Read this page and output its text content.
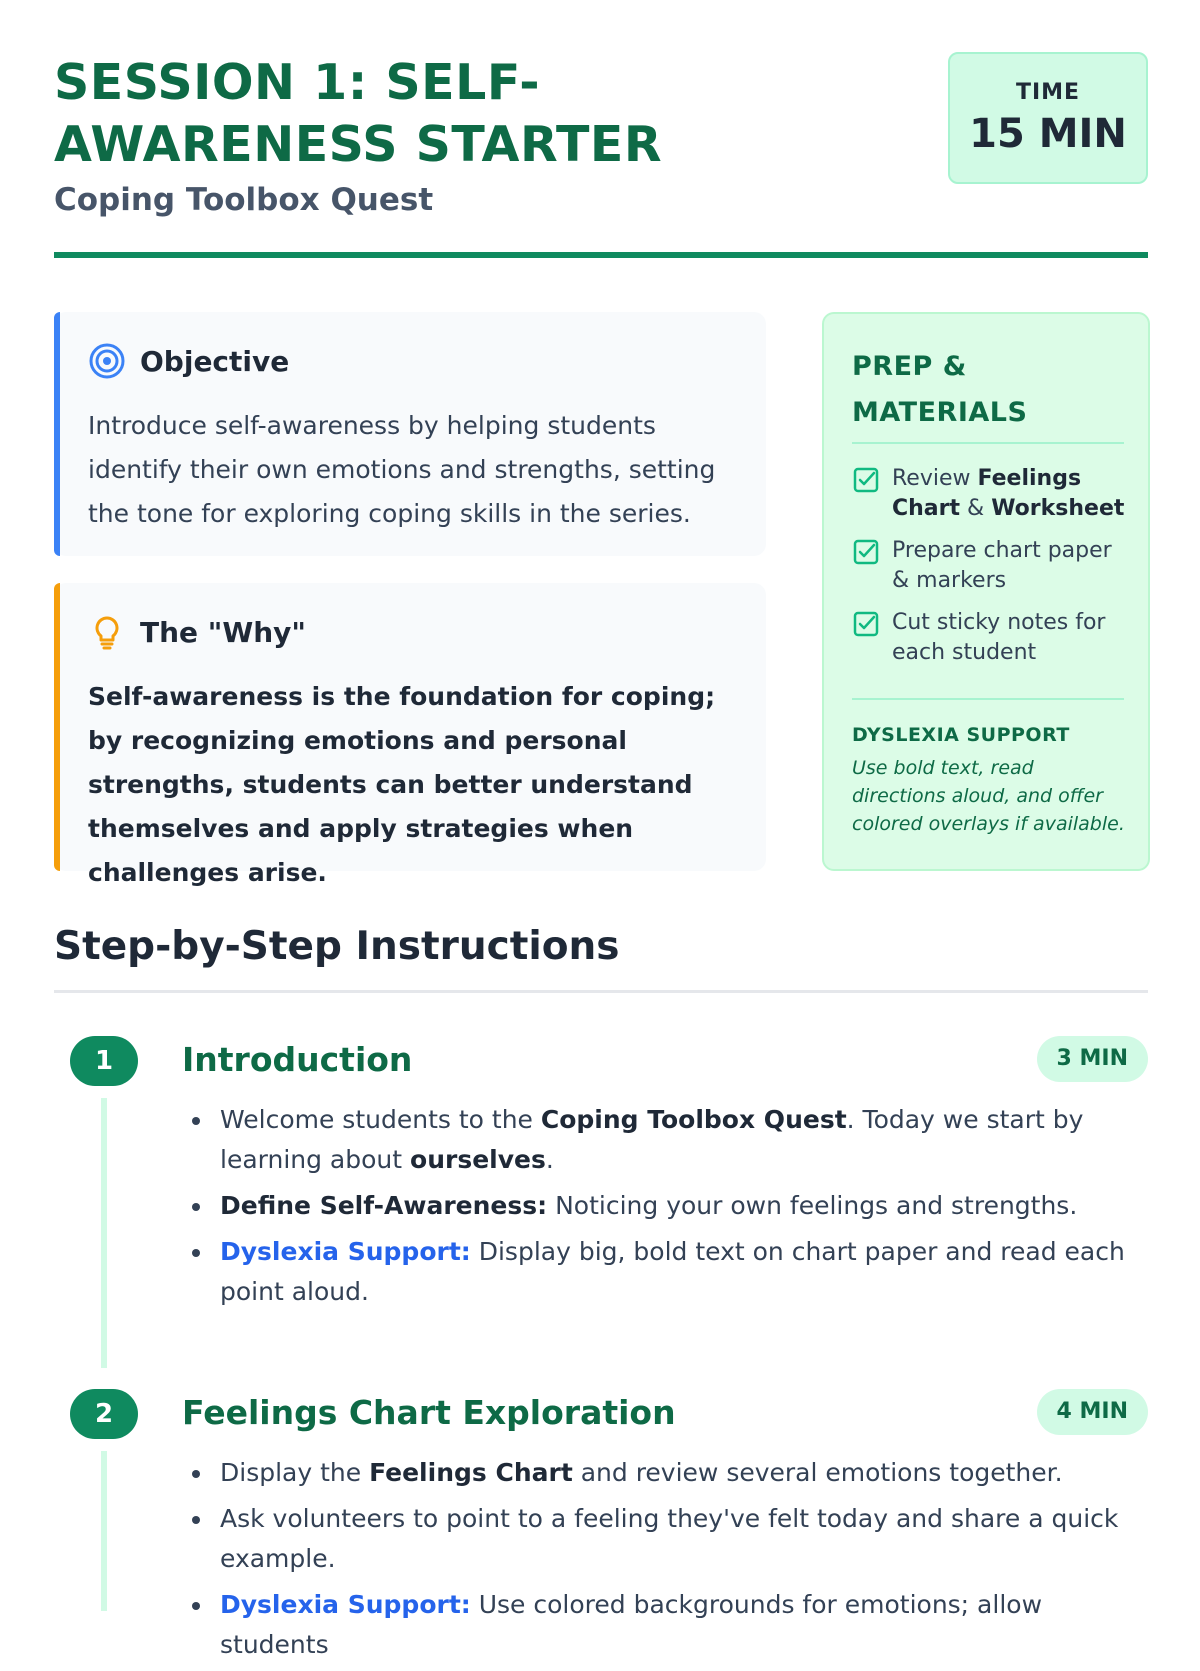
SESSION 1: SELF-AWARENESS STARTER
Coping Toolbox Quest
TIME
15 MIN
Objective

Introduce self-awareness by helping students identify their own emotions and strengths, setting the tone for exploring coping skills in the series.

The "Why"

Self-awareness is the foundation for coping; by recognizing emotions and personal strengths, students can better understand themselves and apply strategies when challenges arise.

PREP & MATERIALS
Review Feelings Chart & Worksheet
Prepare chart paper & markers
Cut sticky notes for each student
DYSLEXIA SUPPORT
Use bold text, read directions aloud, and offer colored overlays if available.
Step-by-Step Instructions
1	Introduction	3 MIN
• Welcome students to the Coping Toolbox Quest. Today we start by learning about ourselves.
• Define Self-Awareness: Noticing your own feelings and strengths.
• Dyslexia Support: Display big, bold text on chart paper and read each point aloud.
2	Feelings Chart Exploration	4 MIN
• Display the Feelings Chart and review several emotions together.
• Ask volunteers to point to a feeling they've felt today and share a quick example.
• Dyslexia Support: Use colored backgrounds for emotions; allow students
